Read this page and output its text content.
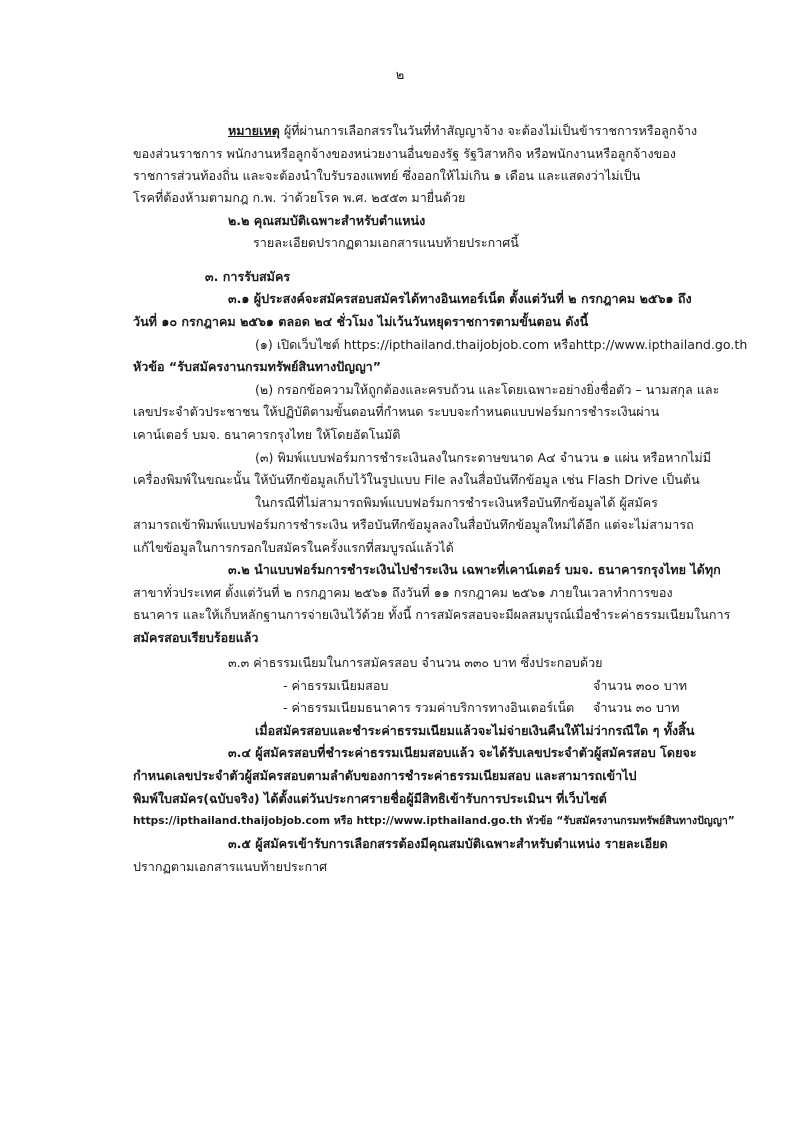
๒
หมายเหตุ ผู้ที่ผ่านการเลือกสรรในวันที่ทำสัญญาจ้าง จะต้องไม่เป็นข้าราชการหรือลูกจ้าง
ของส่วนราชการ พนักงานหรือลูกจ้างของหน่วยงานอื่นของรัฐ รัฐวิสาหกิจ หรือพนักงานหรือลูกจ้างของ
ราชการส่วนท้องถิ่น และจะต้องนำใบรับรองแพทย์ ซึ่งออกให้ไม่เกิน ๑ เดือน และแสดงว่าไม่เป็น
โรคที่ต้องห้ามตามกฎ ก.พ. ว่าด้วยโรค พ.ศ. ๒๕๕๓ มายื่นด้วย
๒.๒ คุณสมบัติเฉพาะสำหรับตำแหน่ง
รายละเอียดปรากฏตามเอกสารแนบท้ายประกาศนี้
๓. การรับสมัคร
๓.๑ ผู้ประสงค์จะสมัครสอบสมัครได้ทางอินเทอร์เน็ต ตั้งแต่วันที่ ๒ กรกฎาคม ๒๕๖๑ ถึง
วันที่ ๑๐ กรกฎาคม ๒๕๖๑ ตลอด ๒๔ ชั่วโมง ไม่เว้นวันหยุดราชการตามขั้นตอน ดังนี้
(๑) เปิดเว็บไซต์ https://ipthailand.thaijobjob.com หรือ http://www.ipthailand.go.th
หัวข้อ “รับสมัครงานกรมทรัพย์สินทางปัญญา”
(๒) กรอกข้อความให้ถูกต้องและครบถ้วน และโดยเฉพาะอย่างยิ่งชื่อตัว – นามสกุล และ
เลขประจำตัวประชาชน ให้ปฏิบัติตามขั้นตอนที่กำหนด ระบบจะกำหนดแบบฟอร์มการชำระเงินผ่าน
เคาน์เตอร์ บมจ. ธนาคารกรุงไทย ให้โดยอัตโนมัติ
(๓) พิมพ์แบบฟอร์มการชำระเงินลงในกระดาษขนาด A๔ จำนวน ๑ แผ่น หรือหากไม่มี
เครื่องพิมพ์ในขณะนั้น ให้บันทึกข้อมูลเก็บไว้ในรูปแบบ File ลงในสื่อบันทึกข้อมูล เช่น Flash Drive เป็นต้น
ในกรณีที่ไม่สามารถพิมพ์แบบฟอร์มการชำระเงินหรือบันทึกข้อมูลได้ ผู้สมัคร
สามารถเข้าพิมพ์แบบฟอร์มการชำระเงิน หรือบันทึกข้อมูลลงในสื่อบันทึกข้อมูลใหม่ได้อีก แต่จะไม่สามารถ
แก้ไขข้อมูลในการกรอกใบสมัครในครั้งแรกที่สมบูรณ์แล้วได้
๓.๒ นำแบบฟอร์มการชำระเงินไปชำระเงิน เฉพาะที่เคาน์เตอร์ บมจ. ธนาคารกรุงไทย ได้ทุก
สาขาทั่วประเทศ ตั้งแต่วันที่ ๒ กรกฎาคม ๒๕๖๑ ถึงวันที่ ๑๑ กรกฎาคม ๒๕๖๑ ภายในเวลาทำการของ
ธนาคาร และให้เก็บหลักฐานการจ่ายเงินไว้ด้วย ทั้งนี้ การสมัครสอบจะมีผลสมบูรณ์เมื่อชำระค่าธรรมเนียมในการ
สมัครสอบเรียบร้อยแล้ว
๓.๓ ค่าธรรมเนียมในการสมัครสอบ จำนวน ๓๓๐ บาท ซึ่งประกอบด้วย
- ค่าธรรมเนียมสอบ	จำนวน ๓๐๐ บาท
- ค่าธรรมเนียมธนาคาร รวมค่าบริการทางอินเตอร์เน็ต จำนวน ๓๐ บาท
เมื่อสมัครสอบและชำระค่าธรรมเนียมแล้วจะไม่จ่ายเงินคืนให้ไม่ว่ากรณีใด ๆ ทั้งสิ้น
๓.๔ ผู้สมัครสอบที่ชำระค่าธรรมเนียมสอบแล้ว จะได้รับเลขประจำตัวผู้สมัครสอบ โดยจะ
กำหนดเลขประจำตัวผู้สมัครสอบตามลำดับของการชำระค่าธรรมเนียมสอบ และสามารถเข้าไป
พิมพ์ใบสมัคร(ฉบับจริง) ได้ตั้งแต่วันประกาศรายชื่อผู้มีสิทธิเข้ารับการประเมินฯ ที่เว็บไซต์
https://ipthailand.thaijobjob.com หรือ http://www.ipthailand.go.th หัวข้อ “รับสมัครงานกรมทรัพย์สินทางปัญญา”
๓.๕ ผู้สมัครเข้ารับการเลือกสรรต้องมีคุณสมบัติเฉพาะสำหรับตำแหน่ง รายละเอียด
ปรากฏตามเอกสารแนบท้ายประกาศ
